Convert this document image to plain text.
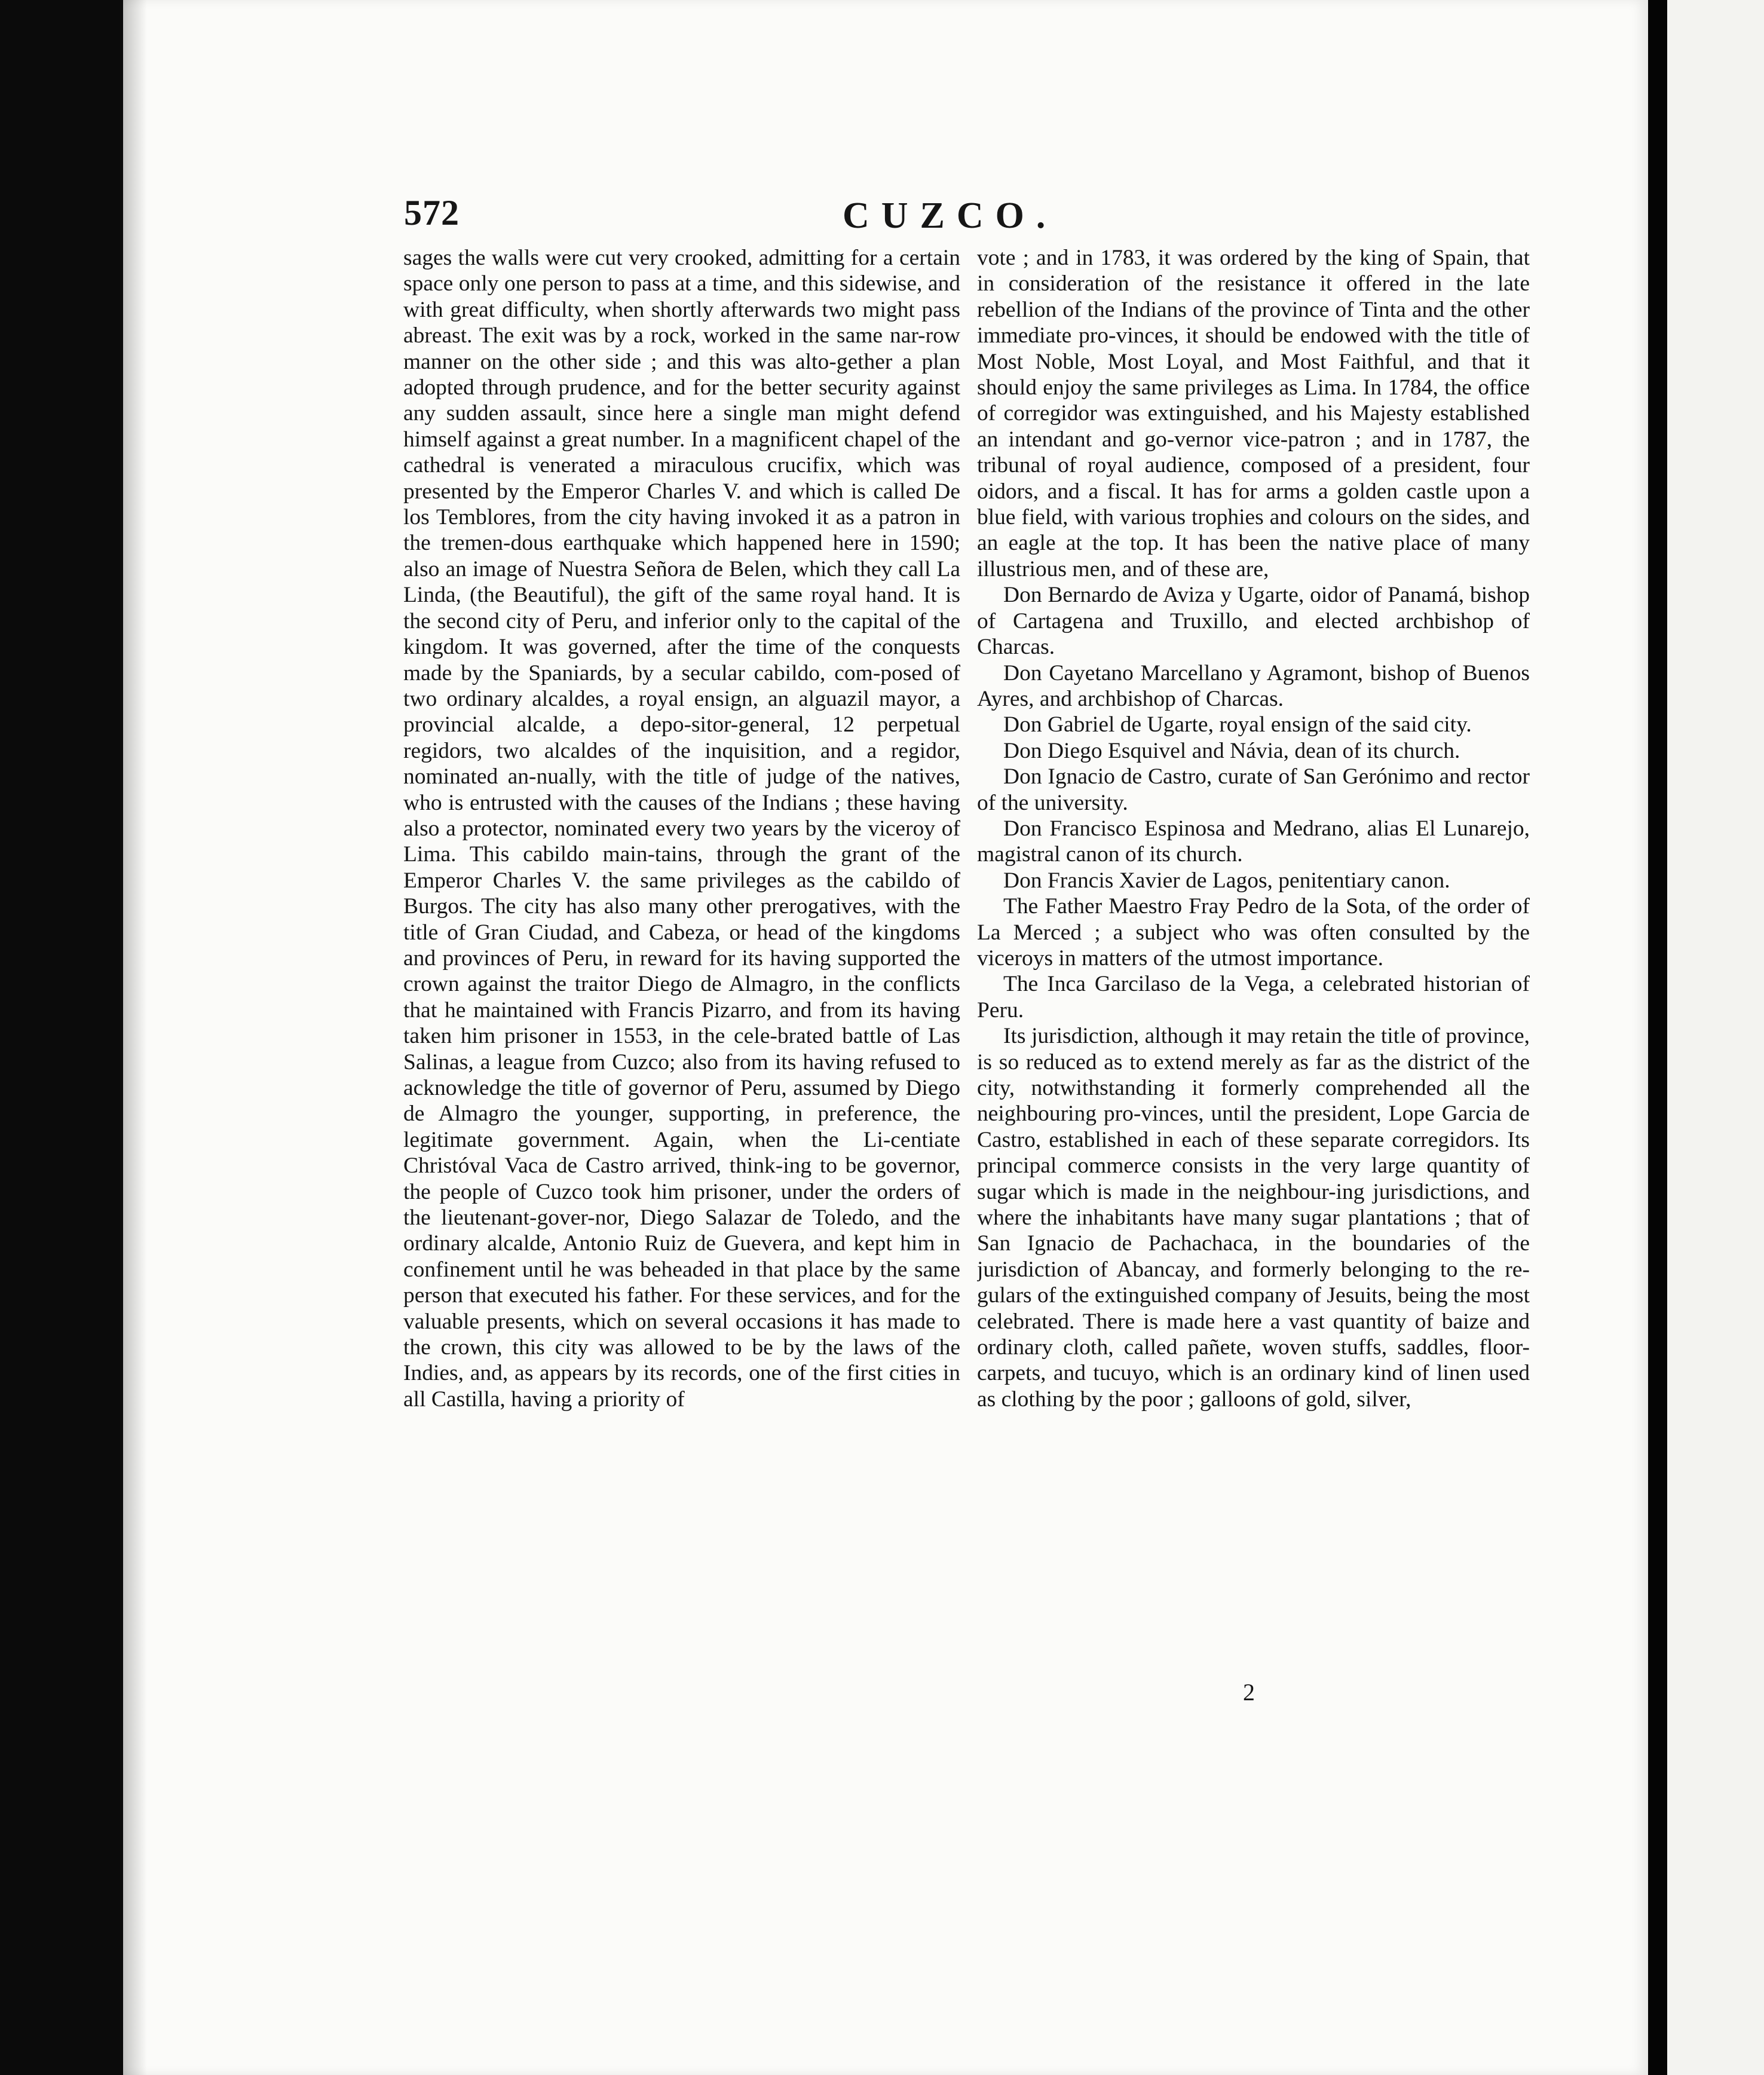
572	CUZCO.

sages the walls were cut very crooked, admitting for a certain space only one person to pass at a time, and this sidewise, and with great difficulty, when shortly afterwards two might pass abreast. The exit was by a rock, worked in the same nar-row manner on the other side ; and this was alto-gether a plan adopted through prudence, and for the better security against any sudden assault, since here a single man might defend himself against a great number. In a magnificent chapel of the cathedral is venerated a miraculous crucifix, which was presented by the Emperor Charles V. and which is called De los Temblores, from the city having invoked it as a patron in the tremen-dous earthquake which happened here in 1590; also an image of Nuestra Señora de Belen, which they call La Linda, (the Beautiful), the gift of the same royal hand. It is the second city of Peru, and inferior only to the capital of the kingdom. It was governed, after the time of the conquests made by the Spaniards, by a secular cabildo, com-posed of two ordinary alcaldes, a royal ensign, an alguazil mayor, a provincial alcalde, a depo-sitor-general, 12 perpetual regidors, two alcaldes of the inquisition, and a regidor, nominated an-nually, with the title of judge of the natives, who is entrusted with the causes of the Indians ; these having also a protector, nominated every two years by the viceroy of Lima. This cabildo main-tains, through the grant of the Emperor Charles V. the same privileges as the cabildo of Burgos. The city has also many other prerogatives, with the title of Gran Ciudad, and Cabeza, or head of the kingdoms and provinces of Peru, in reward for its having supported the crown against the traitor Diego de Almagro, in the conflicts that he maintained with Francis Pizarro, and from its having taken him prisoner in 1553, in the cele-brated battle of Las Salinas, a league from Cuzco; also from its having refused to acknowledge the title of governor of Peru, assumed by Diego de Almagro the younger, supporting, in preference, the legitimate government. Again, when the Li-centiate Christóval Vaca de Castro arrived, think-ing to be governor, the people of Cuzco took him prisoner, under the orders of the lieutenant-gover-nor, Diego Salazar de Toledo, and the ordinary alcalde, Antonio Ruiz de Guevera, and kept him in confinement until he was beheaded in that place by the same person that executed his father. For these services, and for the valuable presents, which on several occasions it has made to the crown, this city was allowed to be by the laws of the Indies, and, as appears by its records, one of the first cities in all Castilla, having a priority of

vote ; and in 1783, it was ordered by the king of Spain, that in consideration of the resistance it offered in the late rebellion of the Indians of the province of Tinta and the other immediate pro-vinces, it should be endowed with the title of Most Noble, Most Loyal, and Most Faithful, and that it should enjoy the same privileges as Lima. In 1784, the office of corregidor was extinguished, and his Majesty established an intendant and go-vernor vice-patron ; and in 1787, the tribunal of royal audience, composed of a president, four oidors, and a fiscal. It has for arms a golden castle upon a blue field, with various trophies and colours on the sides, and an eagle at the top. It has been the native place of many illustrious men, and of these are,

Don Bernardo de Aviza y Ugarte, oidor of Panamá, bishop of Cartagena and Truxillo, and elected archbishop of Charcas.

Don Cayetano Marcellano y Agramont, bishop of Buenos Ayres, and archbishop of Charcas.

Don Gabriel de Ugarte, royal ensign of the said city.

Don Diego Esquivel and Návia, dean of its church.

Don Ignacio de Castro, curate of San Gerónimo and rector of the university.

Don Francisco Espinosa and Medrano, alias El Lunarejo, magistral canon of its church.

Don Francis Xavier de Lagos, penitentiary canon.

The Father Maestro Fray Pedro de la Sota, of the order of La Merced ; a subject who was often consulted by the viceroys in matters of the utmost importance.

The Inca Garcilaso de la Vega, a celebrated historian of Peru.

Its jurisdiction, although it may retain the title of province, is so reduced as to extend merely as far as the district of the city, notwithstanding it formerly comprehended all the neighbouring pro-vinces, until the president, Lope Garcia de Castro, established in each of these separate corregidors. Its principal commerce consists in the very large quantity of sugar which is made in the neighbour-ing jurisdictions, and where the inhabitants have many sugar plantations ; that of San Ignacio de Pachachaca, in the boundaries of the jurisdiction of Abancay, and formerly belonging to the re-gulars of the extinguished company of Jesuits, being the most celebrated. There is made here a vast quantity of baize and ordinary cloth, called pañete, woven stuffs, saddles, floor-carpets, and tucuyo, which is an ordinary kind of linen used as clothing by the poor ; galloons of gold, silver,

2
